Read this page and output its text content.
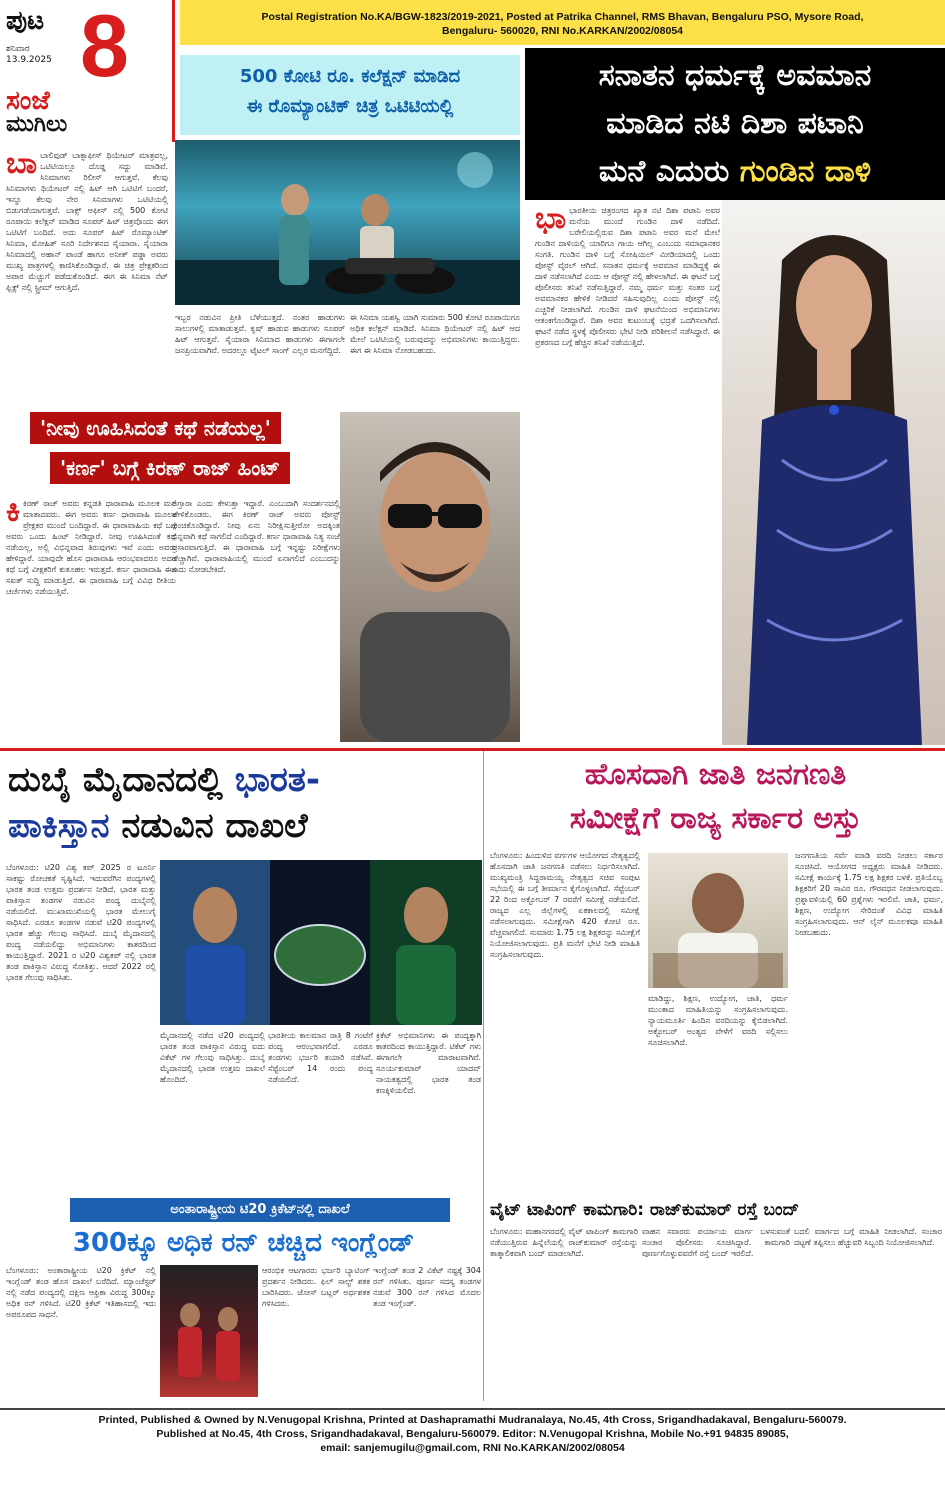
ಪುಟ
ಶನಿವಾರ
13.9.2025 8
ಸಂಜೆ
ಮುಗಿಲು
Postal Registration No.KA/BGW-1823/2019-2021, Posted at Patrika Channel, RMS Bhavan, Bengaluru PSO, Mysore Road,
Bengaluru- 560020, RNI No.KARKAN/2002/08054
500 ಕೋಟಿ ರೂ. ಕಲೆಕ್ಷನ್ ಮಾಡಿದ
ಈ ರೊಮ್ಯಾಂಟಿಕ್ ಚಿತ್ರ ಒಟಿಟಿಯಲ್ಲಿ
ಬಾಬಾಲಿವುಡ್ ಬಾಕ್ಸಾಫೀಸ್ ಥಿಯೇಟರ್ ಮಾತ್ರವಲ್ಲ, ಒಟಿಟಿಯಲ್ಲೂ ದೊಡ್ಡ ಸದ್ದು ಮಾಡಿವೆ. ಸಿನಿಮಾಗಳು ರಿಲೀಸ್ ಆಗುತ್ತವೆ. ಕೆಲವು ಸಿನಿಮಾಗಳು ಥಿಯೇಟರ್ ನಲ್ಲಿ ಹಿಟ್ ಆಗಿ ಒಟಿಟಿಗೆ ಬಂದರೆ, ಇನ್ನೂ ಕೆಲವು ನೇರ ಸಿನಿಮಾಗಳು ಒಟಿಟಿಯಲ್ಲಿ ಬಿಡುಗಡೆಯಾಗುತ್ತವೆ. ಬಾಕ್ಸ್ ಆಫೀಸ್ ನಲ್ಲಿ 500 ಕೋಟಿ ರೂಪಾಯಿ ಕಲೆಕ್ಷನ್ ಮಾಡಿದ ಸೂಪರ್ ಹಿಟ್ ಚಿತ್ರವೊಂದು ಈಗ ಒಟಿಟಿಗೆ ಬಂದಿದೆ. ಅದು ಸೂಪರ್ ಹಿಟ್ ರೊಮ್ಯಾಂಟಿಕ್ ಸಿನಿಮಾ, ಮೋಹಿತ್ ಸೂರಿ ನಿರ್ದೇಶನದ ಸೈಯಾರಾ. ಸೈಯಾರಾ ಸಿನಿಮಾದಲ್ಲಿ ಅಹಾನ್ ಪಾಂಡೆ ಹಾಗೂ ಅನೀತ್ ಪಡ್ಡಾ ಅವರು ಮುಖ್ಯ ಪಾತ್ರಗಳಲ್ಲಿ ಕಾಣಿಸಿಕೊಂಡಿದ್ದಾರೆ. ಈ ಚಿತ್ರ ಪ್ರೇಕ್ಷಕರಿಂದ ಅಪಾರ ಮೆಚ್ಚುಗೆ ಪಡೆದುಕೊಂಡಿದೆ. ಈಗ ಈ ಸಿನಿಮಾ ನೆಟ್ ಫ್ಲಿಕ್ಸ್ ನಲ್ಲಿ ಸ್ಟ್ರೀಮ್ ಆಗುತ್ತಿದೆ.
ಇಬ್ಬರ ನಡುವಿನ ಪ್ರೀತಿ ಬೆಳೆಯುತ್ತದೆ. ನಂತರ ಹಾಡುಗಳು ಸಾಲುಗಳಲ್ಲಿ ಮಾತಾಡುತ್ತವೆ. ಕೃಷ್ ಹಾಡುವ ಹಾಡುಗಳು ಸೂಪರ್ ಹಿಟ್ ಆಗುತ್ತವೆ. ಸೈಯಾರಾ ಸಿನಿಮಾದ ಹಾಡುಗಳು ಈಗಾಗಲೇ ಜನಪ್ರಿಯವಾಗಿವೆ. ಅದರಲ್ಲೂ ಟೈಟಲ್ ಸಾಂಗ್ ಎಲ್ಲರ ಮನಗೆದ್ದಿದೆ.
ಈ ಸಿನಿಮಾ ಯಶಸ್ವಿ ಯಾಗಿ ಸುಮಾರು 500 ಕೋಟಿ ರೂಪಾಯಿಗೂ ಅಧಿಕ ಕಲೆಕ್ಷನ್ ಮಾಡಿದೆ. ಸಿನಿಮಾ ಥಿಯೇಟರ್ ನಲ್ಲಿ ಹಿಟ್ ಆದ ಮೇಲೆ ಒಟಿಟಿಯಲ್ಲಿ ಬರುವುದನ್ನು ಅಭಿಮಾನಿಗಳು ಕಾಯುತ್ತಿದ್ದರು. ಈಗ ಈ ಸಿನಿಮಾ ನೋಡಬಹುದು.
'ನೀವು ಊಹಿಸಿದಂತೆ ಕಥೆ ನಡೆಯಲ್ಲ'
'ಕರ್ಣ' ಬಗ್ಗೆ ಕಿರಣ್ ರಾಜ್ ಹಿಂಟ್
ಕಿಕಿರಣ್ ರಾಜ್ ಅವರು ಕನ್ನಡತಿ ಧಾರಾವಾಹಿ ಮೂಲಕ ಮನೆ ಮಾತಾದವರು. ಈಗ ಅವರು ಕರ್ಣ ಧಾರಾವಾಹಿ ಮೂಲಕ ಪ್ರೇಕ್ಷಕರ ಮುಂದೆ ಬಂದಿದ್ದಾರೆ. ಈ ಧಾರಾವಾಹಿಯ ಕಥೆ ಬಗ್ಗೆ ಅವರು ಒಂದು ಹಿಂಟ್ ನೀಡಿದ್ದಾರೆ. ನೀವು ಊಹಿಸಿದಂತೆ ಕಥೆ ನಡೆಯಲ್ಲ, ಅಲ್ಲಿ ವಿಭಿನ್ನವಾದ ತಿರುವುಗಳು ಇವೆ ಎಂದು ಅವರು ಹೇಳಿದ್ದಾರೆ. ಯಾವುದೇ ಹೊಸ ಧಾರಾವಾಹಿ ಆರಂಭವಾದರೂ ಅದರ ಕಥೆ ಬಗ್ಗೆ ವೀಕ್ಷಕರಿಗೆ ಕುತೂಹಲ ಇರುತ್ತದೆ. ಕರ್ಣ ಧಾರಾವಾಹಿ ಈಗ ಸಖತ್ ಸುದ್ದಿ ಮಾಡುತ್ತಿದೆ. ಈ ಧಾರಾವಾಹಿ ಬಗ್ಗೆ ವಿವಿಧ ರೀತಿಯ ಚರ್ಚೆಗಳು ನಡೆಯುತ್ತಿವೆ.
ಅಗ್ತಾರಾ ಎಂದು ಕೇಳುತ್ತಾ ಇದ್ದಾರೆ. ಎಂಬುದಾಗಿ ಸಂದರ್ಶನದಲ್ಲಿ ಹೇಳಿಕೊಂಡರು. ಈಗ ಕಿರಣ್ ರಾಜ್ ಅವರು ಪೋಸ್ಟ್ ಹಂಚಿಕೊಂಡಿದ್ದಾರೆ. ನೀವು ಏನು ನಿರೀಕ್ಷಿಸುತ್ತೀರೋ ಅದಕ್ಕಿಂತ ಭಿನ್ನವಾಗಿ ಕಥೆ ಸಾಗಲಿದೆ ಎಂದಿದ್ದಾರೆ. ಕರ್ಣ ಧಾರಾವಾಹಿ ನಿತ್ಯ ಸಂಜೆ ಪ್ರಸಾರವಾಗುತ್ತಿದೆ. ಈ ಧಾರಾವಾಹಿ ಬಗ್ಗೆ ಇನ್ನಷ್ಟು ನಿರೀಕ್ಷೆಗಳು ಹೆಚ್ಚಾಗಿವೆ. ಧಾರಾವಾಹಿಯಲ್ಲಿ ಮುಂದೆ ಏನಾಗಲಿದೆ ಎಂಬುದನ್ನು ಕಾದು ನೋಡಬೇಕಿದೆ.
ಸನಾತನ ಧರ್ಮಕ್ಕೆ ಅವಮಾನ
ಮಾಡಿದ ನಟಿ ದಿಶಾ ಪಟಾನಿ
ಮನೆ ಎದುರು ಗುಂಡಿನ ದಾಳಿ
ಭಾಭಾರತೀಯ ಚಿತ್ರರಂಗದ ಖ್ಯಾತ ನಟಿ ದಿಶಾ ಪಟಾನಿ ಅವರ ಮನೆಯ ಮುಂದೆ ಗುಂಡಿನ ದಾಳಿ ನಡೆದಿದೆ. ಬರೇಲಿಯಲ್ಲಿರುವ ದಿಶಾ ಪಟಾನಿ ಅವರ ಮನೆ ಮೇಲೆ ಗುಂಡಿನ ದಾಳಿಯಲ್ಲಿ ಯಾರಿಗೂ ಗಾಯ ಆಗಿಲ್ಲ ಎಂಬುದು ಸಮಾಧಾನಕರ ಸಂಗತಿ. ಗುಂಡಿನ ದಾಳಿ ಬಗ್ಗೆ ಸೋಷಿಯಲ್ ಮೀಡಿಯಾದಲ್ಲಿ ಒಂದು ಪೋಸ್ಟ್ ವೈರಲ್ ಆಗಿದೆ. ಸನಾತನ ಧರ್ಮಕ್ಕೆ ಅವಮಾನ ಮಾಡಿದ್ದಕ್ಕೆ ಈ ದಾಳಿ ನಡೆಸಲಾಗಿದೆ ಎಂದು ಆ ಪೋಸ್ಟ್ ನಲ್ಲಿ ಹೇಳಲಾಗಿದೆ. ಈ ಘಟನೆ ಬಗ್ಗೆ ಪೊಲೀಸರು ತನಿಖೆ ನಡೆಸುತ್ತಿದ್ದಾರೆ. ನಮ್ಮ ಧರ್ಮ ಮತ್ತು ಸಂತರ ಬಗ್ಗೆ ಅವಮಾನಕರ ಹೇಳಿಕೆ ನೀಡಿದರೆ ಸಹಿಸುವುದಿಲ್ಲ ಎಂದು ಪೋಸ್ಟ್ ನಲ್ಲಿ ಎಚ್ಚರಿಕೆ ನೀಡಲಾಗಿದೆ. ಗುಂಡಿನ ದಾಳಿ ಘಟನೆಯಿಂದ ಅಭಿಮಾನಿಗಳು ಆತಂಕಗೊಂಡಿದ್ದಾರೆ. ದಿಶಾ ಅವರ ಕುಟುಂಬಕ್ಕೆ ಭದ್ರತೆ ಒದಗಿಸಲಾಗಿದೆ. ಘಟನೆ ನಡೆದ ಸ್ಥಳಕ್ಕೆ ಪೊಲೀಸರು ಭೇಟಿ ನೀಡಿ ಪರಿಶೀಲನೆ ನಡೆಸಿದ್ದಾರೆ. ಈ ಪ್ರಕರಣದ ಬಗ್ಗೆ ಹೆಚ್ಚಿನ ತನಿಖೆ ನಡೆಯುತ್ತಿದೆ.
ದುಬೈ ಮೈದಾನದಲ್ಲಿ ಭಾರತ-
ಪಾಕಿಸ್ತಾನ ನಡುವಿನ ದಾಖಲೆ
ಬೆಂಗಳೂರು: ಟಿ20 ವಿಶ್ವ ಕಪ್ 2025 ರ ಟೂರ್ನಿ ಸಾಕಷ್ಟು ರೋಚಕತೆ ಸೃಷ್ಟಿಸಿದೆ. ಇದುವರೆಗಿನ ಪಂದ್ಯಗಳಲ್ಲಿ ಭಾರತ ತಂಡ ಉತ್ತಮ ಪ್ರದರ್ಶನ ನೀಡಿದೆ. ಭಾರತ ಮತ್ತು ಪಾಕಿಸ್ತಾನ ತಂಡಗಳ ನಡುವಿನ ಪಂದ್ಯ ದುಬೈನಲ್ಲಿ ನಡೆಯಲಿದೆ. ಮುಖಾಮುಖಿಯಲ್ಲಿ ಭಾರತ ಮೇಲುಗೈ ಸಾಧಿಸಿದೆ. ಎರಡೂ ತಂಡಗಳ ನಡುವೆ ಟಿ20 ಪಂದ್ಯಗಳಲ್ಲಿ ಭಾರತ ಹೆಚ್ಚು ಗೆಲುವು ಸಾಧಿಸಿದೆ. ದುಬೈ ಮೈದಾನದಲ್ಲಿ ಪಂದ್ಯ ನಡೆಯಲಿದ್ದು ಅಭಿಮಾನಿಗಳು ಕಾತರದಿಂದ ಕಾಯುತ್ತಿದ್ದಾರೆ. 2021 ರ ಟಿ20 ವಿಶ್ವಕಪ್ ನಲ್ಲಿ ಭಾರತ ತಂಡ ಪಾಕಿಸ್ತಾನ ವಿರುದ್ಧ ಸೋತಿತ್ತು. ಆದರೆ 2022 ರಲ್ಲಿ ಭಾರತ ಗೆಲುವು ಸಾಧಿಸಿತು.
ಮೈದಾನದಲ್ಲಿ ನಡೆದ ಟಿ20 ಪಂದ್ಯದಲ್ಲಿ ಭಾರತ ತಂಡ ಪಾಕಿಸ್ತಾನ ವಿರುದ್ಧ ಐದು ವಿಕೆಟ್ ಗಳ ಗೆಲುವು ಸಾಧಿಸಿತ್ತು. ದುಬೈ ಮೈದಾನದಲ್ಲಿ ಭಾರತ ಉತ್ತಮ ದಾಖಲೆ ಹೊಂದಿದೆ.
ಭಾರತೀಯ ಕಾಲಮಾನ ರಾತ್ರಿ 8 ಗಂಟೆಗೆ ಪಂದ್ಯ ಆರಂಭವಾಗಲಿದೆ. ಎರಡೂ ತಂಡಗಳು ಭರ್ಜರಿ ತಯಾರಿ ನಡೆಸಿವೆ. ಸೆಪ್ಟೆಂಬರ್ 14 ರಂದು ಪಂದ್ಯ ನಡೆಯಲಿದೆ.
ಕ್ರಿಕೆಟ್ ಅಭಿಮಾನಿಗಳು ಈ ಪಂದ್ಯಕ್ಕಾಗಿ ಕಾತರದಿಂದ ಕಾಯುತ್ತಿದ್ದಾರೆ. ಟಿಕೆಟ್ ಗಳು ಈಗಾಗಲೇ ಮಾರಾಟವಾಗಿವೆ. ಸೂರ್ಯಕುಮಾರ್ ಯಾದವ್ ನಾಯಕತ್ವದಲ್ಲಿ ಭಾರತ ತಂಡ ಕಣಕ್ಕಿಳಿಯಲಿದೆ.
ಅಂತಾರಾಷ್ಟ್ರೀಯ ಟಿ20 ಕ್ರಿಕೆಟ್‌ನಲ್ಲಿ ದಾಖಲೆ
300ಕ್ಕೂ ಅಧಿಕ ರನ್ ಚಚ್ಚಿದ ಇಂಗ್ಲೆಂಡ್
ಬೆಂಗಳೂರು: ಅಂತಾರಾಷ್ಟ್ರೀಯ ಟಿ20 ಕ್ರಿಕೆಟ್ ನಲ್ಲಿ ಇಂಗ್ಲೆಂಡ್ ತಂಡ ಹೊಸ ದಾಖಲೆ ಬರೆದಿದೆ. ಮ್ಯಾಂಚೆಸ್ಟರ್ ನಲ್ಲಿ ನಡೆದ ಪಂದ್ಯದಲ್ಲಿ ದಕ್ಷಿಣ ಆಫ್ರಿಕಾ ವಿರುದ್ಧ 300ಕ್ಕೂ ಅಧಿಕ ರನ್ ಗಳಿಸಿದೆ. ಟಿ20 ಕ್ರಿಕೆಟ್ ಇತಿಹಾಸದಲ್ಲಿ ಇದು ಅಪರೂಪದ ಸಾಧನೆ.
ಆರಂಭಿಕ ಆಟಗಾರರು ಭರ್ಜರಿ ಬ್ಯಾಟಿಂಗ್ ಪ್ರದರ್ಶನ ನೀಡಿದರು. ಫಿಲ್ ಸಾಲ್ಟ್ ಶತಕ ಬಾರಿಸಿದರು. ಜೋಸ್ ಬಟ್ಲರ್ ಅರ್ಧಶತಕ ಗಳಿಸಿದರು.
ಇಂಗ್ಲೆಂಡ್ ತಂಡ 2 ವಿಕೆಟ್ ನಷ್ಟಕ್ಕೆ 304 ರನ್ ಗಳಿಸಿತು. ಪೂರ್ಣ ಸದಸ್ಯ ತಂಡಗಳ ನಡುವೆ 300 ರನ್ ಗಳಿಸಿದ ಮೊದಲ ತಂಡ ಇಂಗ್ಲೆಂಡ್.
ಹೊಸದಾಗಿ ಜಾತಿ ಜನಗಣತಿ
ಸಮೀಕ್ಷೆಗೆ ರಾಜ್ಯ ಸರ್ಕಾರ ಅಸ್ತು
ಬೆಂಗಳೂರು: ಹಿಂದುಳಿದ ವರ್ಗಗಳ ಆಯೋಗದ ನೇತೃತ್ವದಲ್ಲಿ ಹೊಸದಾಗಿ ಜಾತಿ ಜನಗಣತಿ ನಡೆಸಲು ನಿರ್ಧರಿಸಲಾಗಿದೆ. ಮುಖ್ಯಮಂತ್ರಿ ಸಿದ್ದರಾಮಯ್ಯ ನೇತೃತ್ವದ ಸಚಿವ ಸಂಪುಟ ಸಭೆಯಲ್ಲಿ ಈ ಬಗ್ಗೆ ತೀರ್ಮಾನ ಕೈಗೊಳ್ಳಲಾಗಿದೆ. ಸೆಪ್ಟೆಂಬರ್ 22 ರಿಂದ ಅಕ್ಟೋಬರ್ 7 ರವರೆಗೆ ಸಮೀಕ್ಷೆ ನಡೆಯಲಿದೆ. ರಾಜ್ಯದ ಎಲ್ಲ ಜಿಲ್ಲೆಗಳಲ್ಲಿ ಏಕಕಾಲದಲ್ಲಿ ಸಮೀಕ್ಷೆ ನಡೆಸಲಾಗುವುದು. ಸಮೀಕ್ಷೆಗಾಗಿ 420 ಕೋಟಿ ರೂ. ವೆಚ್ಚವಾಗಲಿದೆ. ಸುಮಾರು 1.75 ಲಕ್ಷ ಶಿಕ್ಷಕರನ್ನು ಸಮೀಕ್ಷೆಗೆ ನಿಯೋಜಿಸಲಾಗುವುದು. ಪ್ರತಿ ಮನೆಗೆ ಭೇಟಿ ನೀಡಿ ಮಾಹಿತಿ ಸಂಗ್ರಹಿಸಲಾಗುವುದು.
ಮಾಡಿದ್ದು, ಶಿಕ್ಷಣ, ಉದ್ಯೋಗ, ಜಾತಿ, ಧರ್ಮ ಮುಂತಾದ ಮಾಹಿತಿಯನ್ನು ಸಂಗ್ರಹಿಸಲಾಗುವುದು. ನ್ಯಾಯಮೂರ್ತಿ ಹಿಂದಿನ ವರದಿಯನ್ನು ಕೈಬಿಡಲಾಗಿದೆ. ಅಕ್ಟೋಬರ್ ಅಂತ್ಯದ ವೇಳೆಗೆ ವರದಿ ಸಲ್ಲಿಸಲು ಸೂಚಿಸಲಾಗಿದೆ.
ಜನಗಣತಿಯ ಸರ್ವೆ ಮಾಡಿ ವರದಿ ನೀಡಲು ಸರ್ಕಾರ ಸೂಚಿಸಿದೆ. ಆಯೋಗದ ಅಧ್ಯಕ್ಷರು ಮಾಹಿತಿ ನೀಡಿದರು. ಸಮೀಕ್ಷೆ ಕಾರ್ಯಕ್ಕೆ 1.75 ಲಕ್ಷ ಶಿಕ್ಷಕರ ಬಳಕೆ. ಪ್ರತಿಯೊಬ್ಬ ಶಿಕ್ಷಕರಿಗೆ 20 ಸಾವಿರ ರೂ. ಗೌರವಧನ ನೀಡಲಾಗುವುದು. ಪ್ರಶ್ನಾವಳಿಯಲ್ಲಿ 60 ಪ್ರಶ್ನೆಗಳು ಇರಲಿವೆ. ಜಾತಿ, ಧರ್ಮ, ಶಿಕ್ಷಣ, ಉದ್ಯೋಗ ಸೇರಿದಂತೆ ವಿವಿಧ ಮಾಹಿತಿ ಸಂಗ್ರಹಿಸಲಾಗುವುದು. ಆನ್ ಲೈನ್ ಮೂಲಕವೂ ಮಾಹಿತಿ ನೀಡಬಹುದು.
ವೈಟ್ ಟಾಪಿಂಗ್ ಕಾಮಗಾರಿ: ರಾಜ್‌ಕುಮಾರ್ ರಸ್ತೆ ಬಂದ್
ಬೆಂಗಳೂರು: ಮಹಾನಗರದಲ್ಲಿ ವೈಟ್ ಟಾಪಿಂಗ್ ಕಾಮಗಾರಿ ನಡೆಯುತ್ತಿರುವ ಹಿನ್ನೆಲೆಯಲ್ಲಿ ರಾಜ್‌ಕುಮಾರ್ ರಸ್ತೆಯನ್ನು ತಾತ್ಕಾಲಿಕವಾಗಿ ಬಂದ್ ಮಾಡಲಾಗಿದೆ.
ವಾಹನ ಸವಾರರು ಪರ್ಯಾಯ ಮಾರ್ಗ ಬಳಸುವಂತೆ ಸಂಚಾರ ಪೊಲೀಸರು ಸೂಚಿಸಿದ್ದಾರೆ. ಕಾಮಗಾರಿ ಪೂರ್ಣಗೊಳ್ಳುವವರೆಗೆ ರಸ್ತೆ ಬಂದ್ ಇರಲಿದೆ.
ಬದಲಿ ಮಾರ್ಗದ ಬಗ್ಗೆ ಮಾಹಿತಿ ನೀಡಲಾಗಿದೆ. ಸಂಚಾರ ದಟ್ಟಣೆ ತಪ್ಪಿಸಲು ಹೆಚ್ಚುವರಿ ಸಿಬ್ಬಂದಿ ನಿಯೋಜಿಸಲಾಗಿದೆ.
Printed, Published & Owned by N.Venugopal Krishna, Printed at Dashapramathi Mudranalaya, No.45, 4th Cross, Srigandhadakaval, Bengaluru-560079.
Published at No.45, 4th Cross, Srigandhadakaval, Bengaluru-560079. Editor: N.Venugopal Krishna, Mobile No.+91 94835 89085,
email: sanjemugilu@gmail.com, RNI No.KARKAN/2002/08054
